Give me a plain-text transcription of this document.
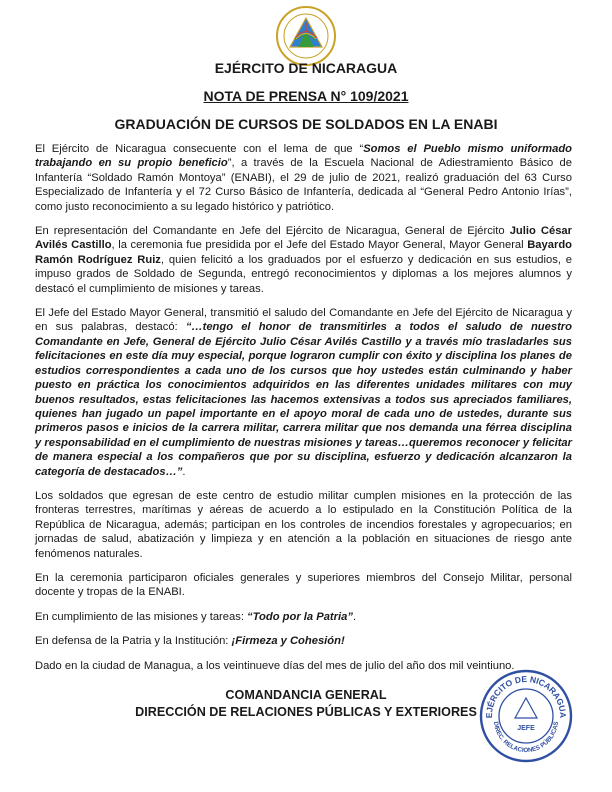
EJÉRCITO DE NICARAGUA
NOTA DE PRENSA N° 109/2021
GRADUACIÓN DE CURSOS DE SOLDADOS EN LA ENABI

El Ejército de Nicaragua consecuente con el lema de que “Somos el Pueblo mismo uniformado trabajando en su propio beneficio”, a través de la Escuela Nacional de Adiestramiento Básico de Infantería “Soldado Ramón Montoya” (ENABI), el 29 de julio de 2021, realizó graduación del 63 Curso Especializado de Infantería y el 72 Curso Básico de Infantería, dedicada al “General Pedro Antonio Irías”, como justo reconocimiento a su legado histórico y patriótico.

En representación del Comandante en Jefe del Ejército de Nicaragua, General de Ejército Julio César Avilés Castillo, la ceremonia fue presidida por el Jefe del Estado Mayor General, Mayor General Bayardo Ramón Rodríguez Ruiz, quien felicitó a los graduados por el esfuerzo y dedicación en sus estudios, e impuso grados de Soldado de Segunda, entregó reconocimientos y diplomas a los mejores alumnos y destacó el cumplimiento de misiones y tareas.

El Jefe del Estado Mayor General, transmitió el saludo del Comandante en Jefe del Ejército de Nicaragua y en sus palabras, destacó: “…tengo el honor de transmitirles a todos el saludo de nuestro Comandante en Jefe, General de Ejército Julio César Avilés Castillo y a través mío trasladarles sus felicitaciones en este día muy especial, porque lograron cumplir con éxito y disciplina los planes de estudios correspondientes a cada uno de los cursos que hoy ustedes están culminando y haber puesto en práctica los conocimientos adquiridos en las diferentes unidades militares con muy buenos resultados, estas felicitaciones las hacemos extensivas a todos sus apreciados familiares, quienes han jugado un papel importante en el apoyo moral de cada uno de ustedes, durante sus primeros pasos e inicios de la carrera militar, carrera militar que nos demanda una férrea disciplina y responsabilidad en el cumplimiento de nuestras misiones y tareas…queremos reconocer y felicitar de manera especial a los compañeros que por su disciplina, esfuerzo y dedicación alcanzaron la categoría de destacados…”.

Los soldados que egresan de este centro de estudio militar cumplen misiones en la protección de las fronteras terrestres, marítimas y aéreas de acuerdo a lo estipulado en la Constitución Política de la República de Nicaragua, además; participan en los controles de incendios forestales y agropecuarios; en jornadas de salud, abatización y limpieza y en atención a la población en situaciones de riesgo ante fenómenos naturales.

En la ceremonia participaron oficiales generales y superiores miembros del Consejo Militar, personal docente y tropas de la ENABI.

En cumplimiento de las misiones y tareas: “Todo por la Patria”.

En defensa de la Patria y la Institución: ¡Firmeza y Cohesión!

Dado en la ciudad de Managua, a los veintinueve días del mes de julio del año dos mil veintiuno.

COMANDANCIA GENERAL
DIRECCIÓN DE RELACIONES PÚBLICAS Y EXTERIORES EJÉRCITO DE NICARAGUA
DIREC. RELACIONES PÚBLICAS
JEFE
